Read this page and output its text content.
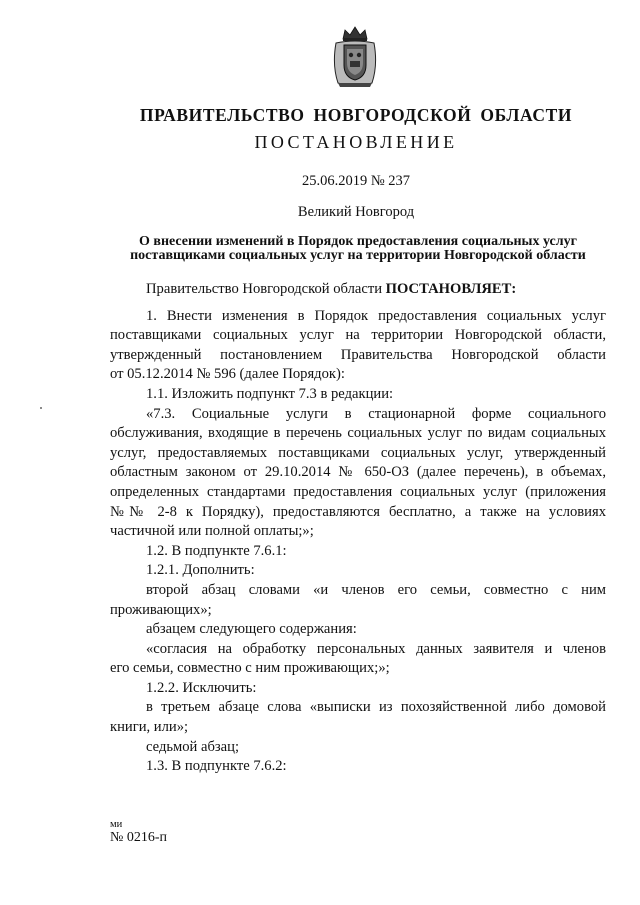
ПРАВИТЕЛЬСТВО НОВГОРОДСКОЙ ОБЛАСТИ
ПОСТАНОВЛЕНИЕ
25.06.2019 № 237
Великий Новгород
О внесении изменений в Порядок предоставления социальных услуг
поставщиками социальных услуг на территории Новгородской области

Правительство Новгородской области ПОСТАНОВЛЯЕТ:

1. Внести изменения в Порядок предоставления социальных услуг

поставщиками социальных услуг на территории Новгородской области,

утвержденный постановлением Правительства Новгородской области

от 05.12.2014 № 596 (далее Порядок):

1.1. Изложить подпункт 7.3 в редакции:

«7.3. Социальные услуги в стационарной форме социального

обслуживания, входящие в перечень социальных услуг по видам социальных

услуг, предоставляемых поставщиками социальных услуг, утвержденный

областным законом от 29.10.2014 № 650-ОЗ (далее перечень), в объемах,

определенных стандартами предоставления социальных услуг (приложения

№№ 2-8 к Порядку), предоставляются бесплатно, а также на условиях

частичной или полной оплаты;»;

1.2. В подпункте 7.6.1:

1.2.1. Дополнить:

второй абзац словами «и членов его семьи, совместно с ним

проживающих»;

абзацем следующего содержания:

«согласия на обработку персональных данных заявителя и членов

его семьи, совместно с ним проживающих;»;

1.2.2. Исключить:

в третьем абзаце слова «выписки из похозяйственной либо домовой

книги, или»;

седьмой абзац;

1.3. В подпункте 7.6.2:

ми
№ 0216-п
